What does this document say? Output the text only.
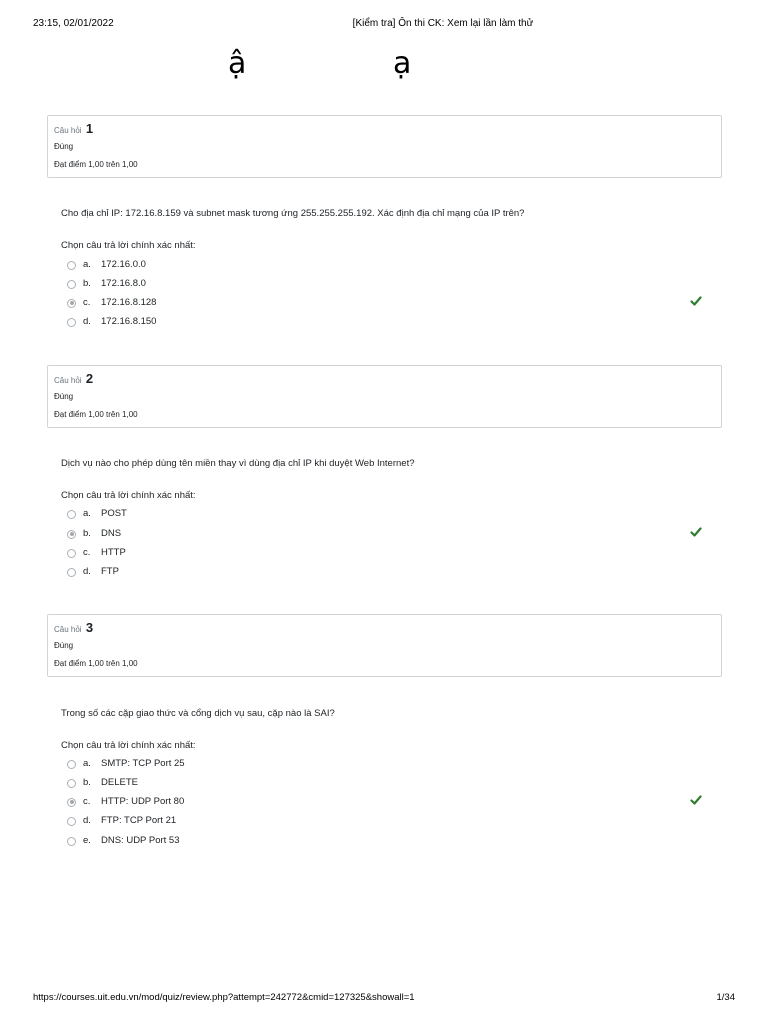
23:15, 02/01/2022	[Kiểm tra] Ôn thi CK: Xem lại lần làm thử
ậ	ạ
Câu hỏi 1
Đúng
Đạt điểm 1,00 trên 1,00
Cho địa chỉ IP: 172.16.8.159 và subnet mask tương ứng 255.255.255.192. Xác định địa chỉ mạng của IP trên?
Chọn câu trả lời chính xác nhất:
a. 172.16.0.0
b. 172.16.8.0
c. 172.16.8.128
d. 172.16.8.150
Câu hỏi 2
Đúng
Đạt điểm 1,00 trên 1,00
Dịch vụ nào cho phép dùng tên miền thay vì dùng địa chỉ IP khi duyệt Web Internet?
Chọn câu trả lời chính xác nhất:
a. POST
b. DNS
c. HTTP
d. FTP
Câu hỏi 3
Đúng
Đạt điểm 1,00 trên 1,00
Trong số các cặp giao thức và cổng dịch vụ sau, cặp nào là SAI?
Chọn câu trả lời chính xác nhất:
a. SMTP: TCP Port 25
b. DELETE
c. HTTP: UDP Port 80
d. FTP: TCP Port 21
e. DNS: UDP Port 53
https://courses.uit.edu.vn/mod/quiz/review.php?attempt=242772&cmid=127325&showall=1	1/34
